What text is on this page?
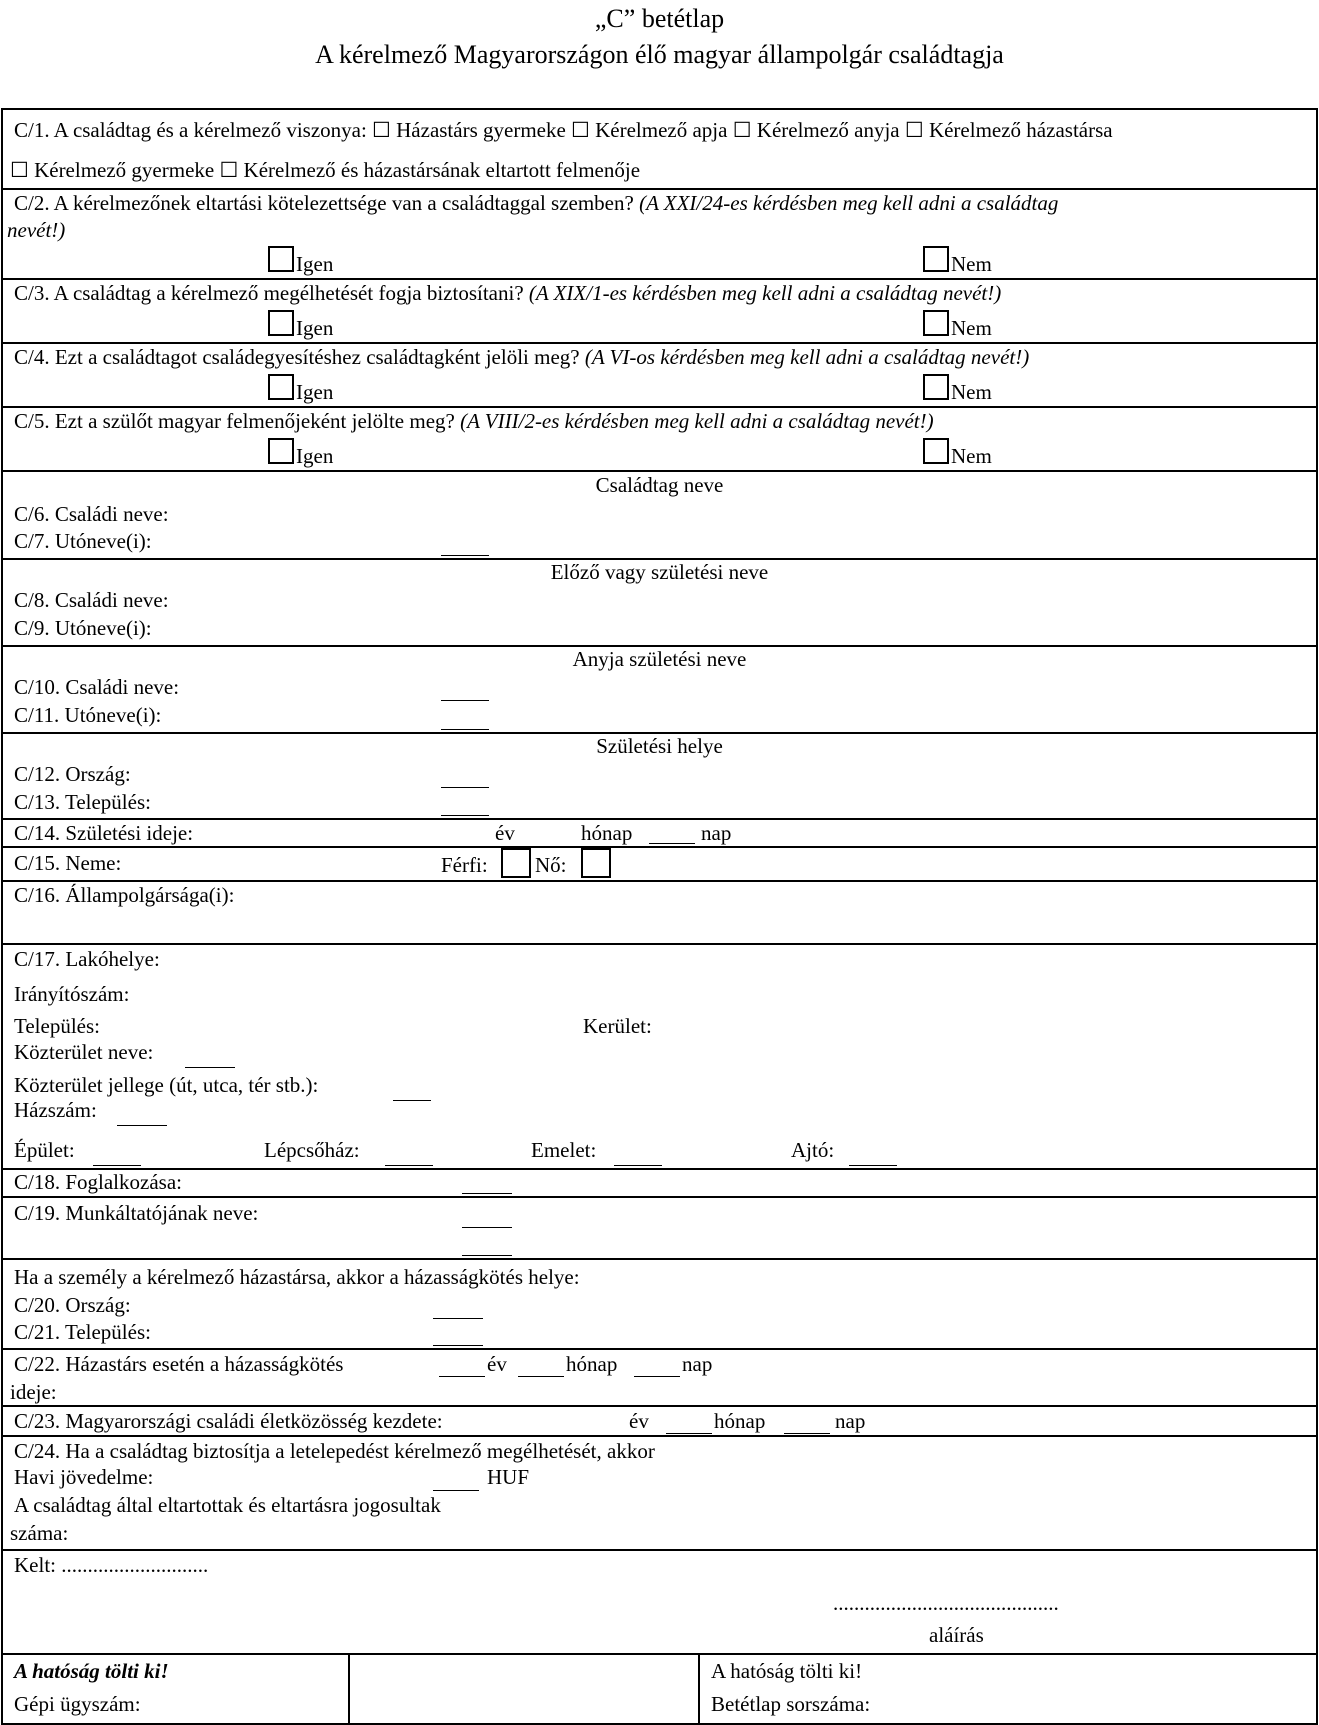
„C” betétlap
A kérelmező Magyarországon élő magyar állampolgár családtagja
C/1. A családtag és a kérelmező viszonya: ☐ Házastárs gyermeke ☐ Kérelmező apja ☐ Kérelmező anyja ☐ Kérelmező házastársa
☐ Kérelmező gyermeke ☐ Kérelmező és házastársának eltartott felmenője
C/2. A kérelmezőnek eltartási kötelezettsége van a családtaggal szemben? (A XXI/24-es kérdésben meg kell adni a családtag
nevét!)
Igen	Nem
C/3. A családtag a kérelmező megélhetését fogja biztosítani? (A XIX/1-es kérdésben meg kell adni a családtag nevét!)
Igen	Nem
C/4. Ezt a családtagot családegyesítéshez családtagként jelöli meg? (A VI-os kérdésben meg kell adni a családtag nevét!)
Igen	Nem
C/5. Ezt a szülőt magyar felmenőjeként jelölte meg? (A VIII/2-es kérdésben meg kell adni a családtag nevét!)
Igen	Nem
Családtag neve
C/6. Családi neve:
C/7. Utóneve(i):
Előző vagy születési neve
C/8. Családi neve:
C/9. Utóneve(i):
Anyja születési neve
C/10. Családi neve:
C/11. Utóneve(i):
Születési helye
C/12. Ország:
C/13. Település:
C/14. Születési ideje:	év	hónap	nap
C/15. Neme:	Férfi: Nő:
C/16. Állampolgársága(i):
C/17. Lakóhelye:
Irányítószám:
Település:	Kerület:
Közterület neve:
Közterület jellege (út, utca, tér stb.):
Házszám:
Épület:	Lépcsőház:	Emelet:	Ajtó:
C/18. Foglalkozása:
C/19. Munkáltatójának neve:
Ha a személy a kérelmező házastársa, akkor a házasságkötés helye:
C/20. Ország:
C/21. Település:
C/22. Házastárs esetén a házasságkötés
ideje:
év	hónap	nap
C/23. Magyarországi családi életközösség kezdete:	év	hónap	nap
C/24. Ha a családtag biztosítja a letelepedést kérelmező megélhetését, akkor
Havi jövedelme:	HUF
A családtag által eltartottak és eltartásra jogosultak
száma:
Kelt: ............................
...........................................
aláírás
A hatóság tölti ki!
Gépi ügyszám:
A hatóság tölti ki!
Betétlap sorszáma:
